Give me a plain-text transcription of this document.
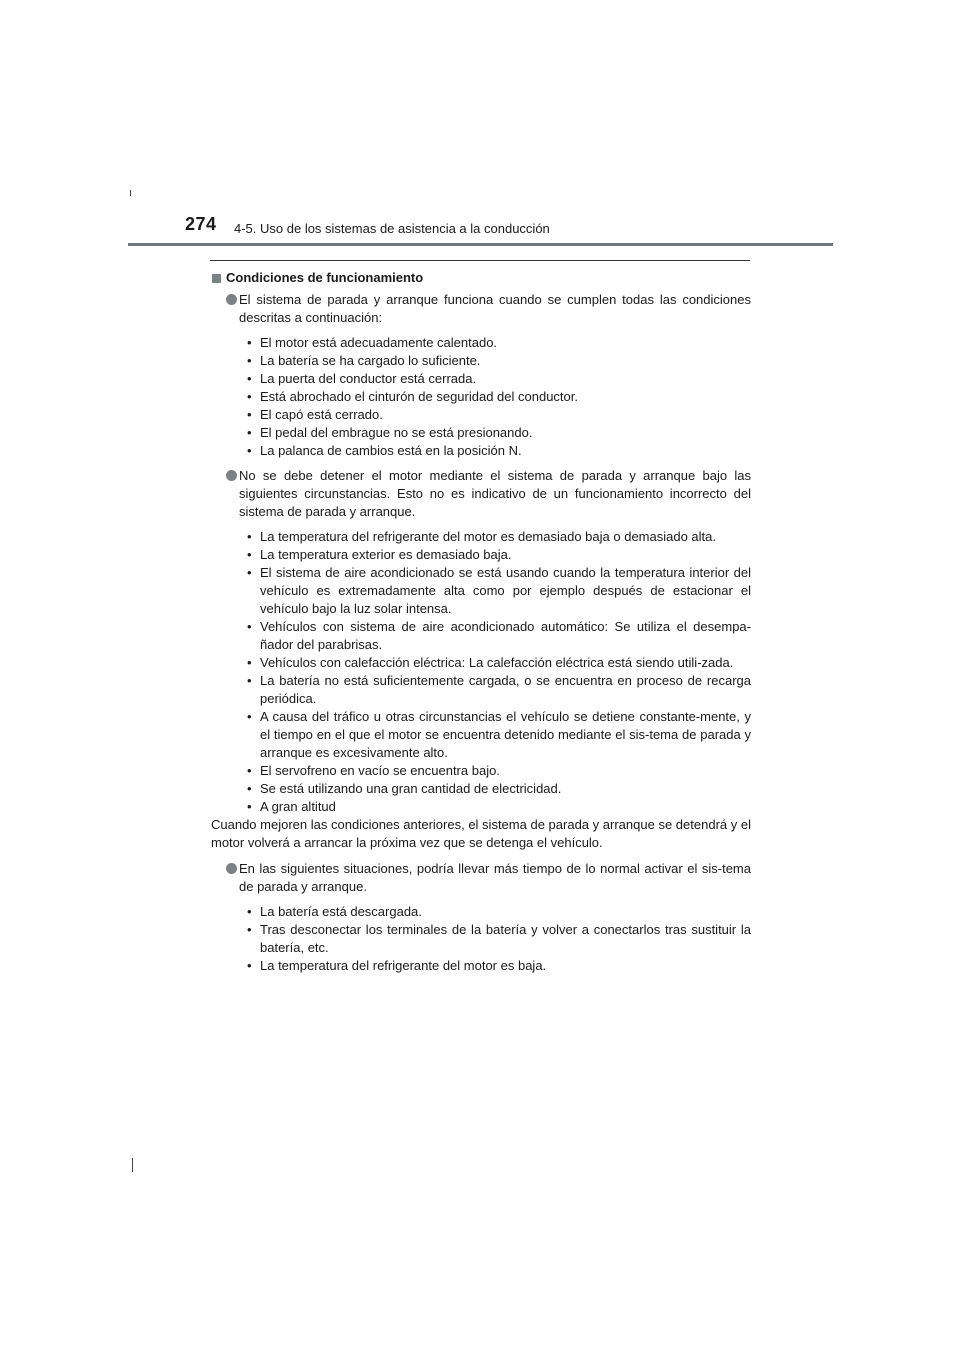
274 4-5. Uso de los sistemas de asistencia a la conducción
Condiciones de funcionamiento
El sistema de parada y arranque funciona cuando se cumplen todas las condiciones descritas a continuación:
• El motor está adecuadamente calentado.
• La batería se ha cargado lo suficiente.
• La puerta del conductor está cerrada.
• Está abrochado el cinturón de seguridad del conductor.
• El capó está cerrado.
• El pedal del embrague no se está presionando.
• La palanca de cambios está en la posición N.
No se debe detener el motor mediante el sistema de parada y arranque bajo las siguientes circunstancias. Esto no es indicativo de un funcionamiento incorrecto del sistema de parada y arranque.
• La temperatura del refrigerante del motor es demasiado baja o demasiado alta.
• La temperatura exterior es demasiado baja.
• El sistema de aire acondicionado se está usando cuando la temperatura interior del vehículo es extremadamente alta como por ejemplo después de estacionar el vehículo bajo la luz solar intensa.
• Vehículos con sistema de aire acondicionado automático: Se utiliza el desempa-ñador del parabrisas.
• Vehículos con calefacción eléctrica: La calefacción eléctrica está siendo utili-zada.
• La batería no está suficientemente cargada, o se encuentra en proceso de recarga periódica.
• A causa del tráfico u otras circunstancias el vehículo se detiene constante-mente, y el tiempo en el que el motor se encuentra detenido mediante el sis-tema de parada y arranque es excesivamente alto.
• El servofreno en vacío se encuentra bajo.
• Se está utilizando una gran cantidad de electricidad.
• A gran altitud
Cuando mejoren las condiciones anteriores, el sistema de parada y arranque se detendrá y el motor volverá a arrancar la próxima vez que se detenga el vehículo.
En las siguientes situaciones, podría llevar más tiempo de lo normal activar el sis-tema de parada y arranque.
• La batería está descargada.
• Tras desconectar los terminales de la batería y volver a conectarlos tras sustituir la batería, etc.
• La temperatura del refrigerante del motor es baja.
